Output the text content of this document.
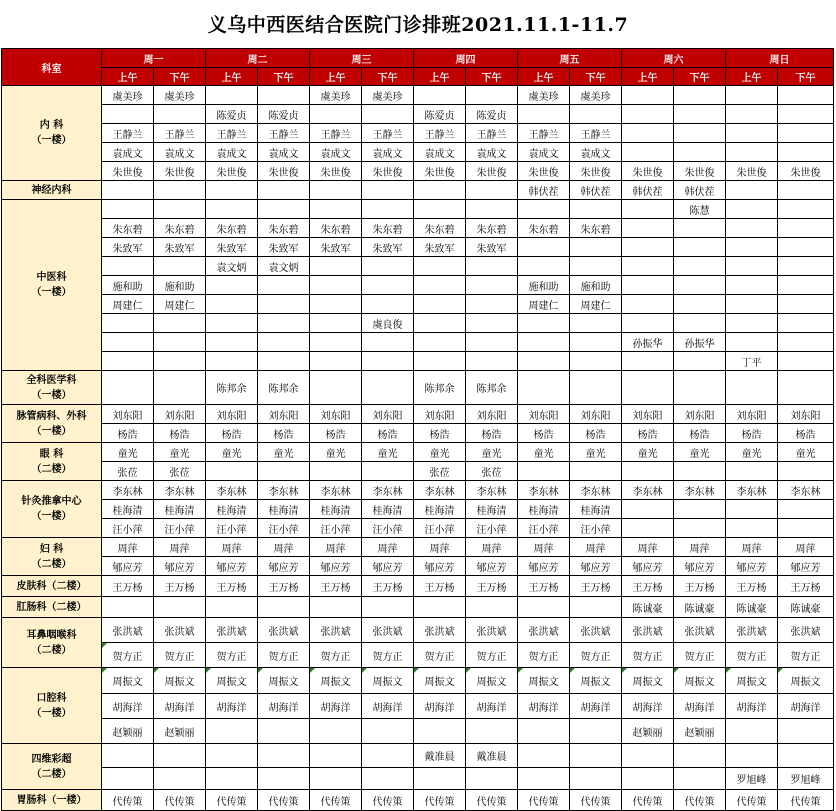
义乌中西医结合医院门诊排班2021.11.1-11.7
科室	周一		周二		周三		周四		周五		周六		周日	
	上午	下午	上午	下午	上午	下午	上午	下午	上午	下午	上午	下午	上午	下午
内 科
（一楼）	虞美珍	虞美珍			虞美珍	虞美珍			虞美珍	虞美珍				
			陈爱贞	陈爱贞			陈爱贞	陈爱贞						
	王静兰	王静兰	王静兰	王静兰	王静兰	王静兰	王静兰	王静兰	王静兰	王静兰				
	袁成文	袁成文	袁成文	袁成文	袁成文	袁成文	袁成文	袁成文	袁成文	袁成文				
	朱世俊	朱世俊	朱世俊	朱世俊	朱世俊	朱世俊	朱世俊	朱世俊	朱世俊	朱世俊	朱世俊	朱世俊	朱世俊	朱世俊
神经内科									韩伏茬	韩伏茬	韩伏茬	韩伏茬		
中医科
（一楼）												陈慧		
	朱东碧	朱东碧	朱东碧	朱东碧	朱东碧	朱东碧	朱东碧	朱东碧	朱东碧	朱东碧				
	朱致军	朱致军	朱致军	朱致军	朱致军	朱致军	朱致军	朱致军						
			袁文炳	袁文炳										
	施和助	施和助							施和助	施和助				
	周建仁	周建仁							周建仁	周建仁				
						虞良俊								
											孙振华	孙振华		
													丁平	
全科医学科
（一楼）			陈邦余	陈邦余			陈邦余	陈邦余						
脉管病科、外科
（一楼）	刘东阳	刘东阳	刘东阳	刘东阳	刘东阳	刘东阳	刘东阳	刘东阳	刘东阳	刘东阳	刘东阳	刘东阳	刘东阳	刘东阳
	杨浩	杨浩	杨浩	杨浩	杨浩	杨浩	杨浩	杨浩	杨浩	杨浩	杨浩	杨浩	杨浩	杨浩
眼 科
（二楼）	童光	童光	童光	童光	童光	童光	童光	童光	童光	童光	童光	童光	童光	童光
	张莅	张莅					张莅	张莅						
针灸推拿中心
（一楼）	李东林	李东林	李东林	李东林	李东林	李东林	李东林	李东林	李东林	李东林	李东林	李东林	李东林	李东林
	桂海清	桂海清	桂海清	桂海清	桂海清	桂海清	桂海清	桂海清	桂海清	桂海清				
	汪小萍	汪小萍	汪小萍	汪小萍	汪小萍	汪小萍	汪小萍	汪小萍	汪小萍	汪小萍				
妇 科
（二楼）	周萍	周萍	周萍	周萍	周萍	周萍	周萍	周萍	周萍	周萍	周萍	周萍	周萍	周萍
	郇应芳	郇应芳	郇应芳	郇应芳	郇应芳	郇应芳	郇应芳	郇应芳	郇应芳	郇应芳	郇应芳	郇应芳	郇应芳	郇应芳
皮肤科（二楼）	王万杨	王万杨	王万杨	王万杨	王万杨	王万杨	王万杨	王万杨	王万杨	王万杨	王万杨	王万杨	王万杨	王万杨
肛肠科（二楼）											陈诚豪	陈诚豪	陈诚豪	陈诚豪
耳鼻咽喉科
（二楼）	张洪斌	张洪斌	张洪斌	张洪斌	张洪斌	张洪斌	张洪斌	张洪斌	张洪斌	张洪斌	张洪斌	张洪斌	张洪斌	张洪斌
	贺方正	贺方正	贺方正	贺方正	贺方正	贺方正	贺方正	贺方正	贺方正	贺方正	贺方正	贺方正	贺方正	贺方正
口腔科
（一楼）	周振文	周振文	周振文	周振文	周振文	周振文	周振文	周振文	周振文	周振文	周振文	周振文	周振文	周振文
	胡海洋	胡海洋	胡海洋	胡海洋	胡海洋	胡海洋	胡海洋	胡海洋	胡海洋	胡海洋	胡海洋	胡海洋	胡海洋	胡海洋
	赵颖丽	赵颖丽									赵颖丽	赵颖丽		
四维彩超
（二楼）							戴准晨	戴准晨						
													罗旭峰	罗旭峰
胃肠科（一楼）	代传策	代传策	代传策	代传策	代传策	代传策	代传策	代传策	代传策	代传策	代传策	代传策	代传策	代传策
